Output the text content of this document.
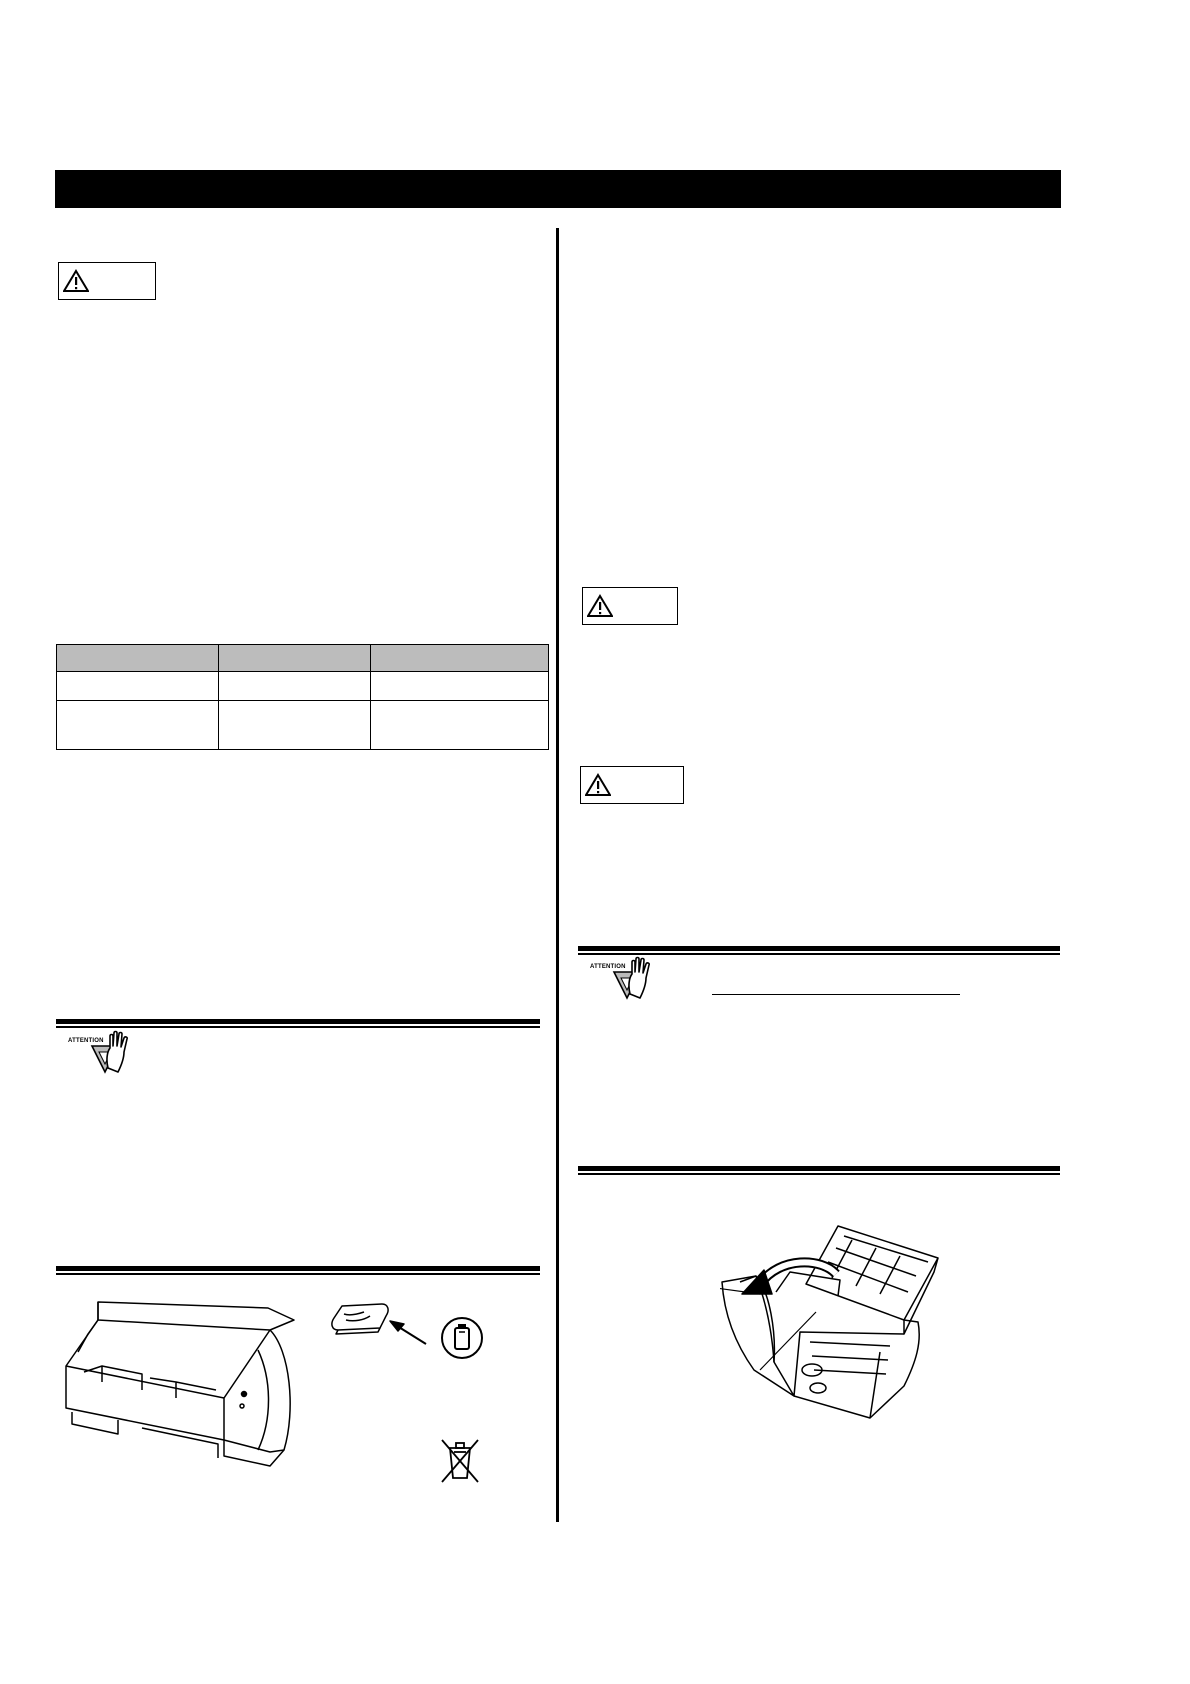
ATTENTION
ATTENTION
